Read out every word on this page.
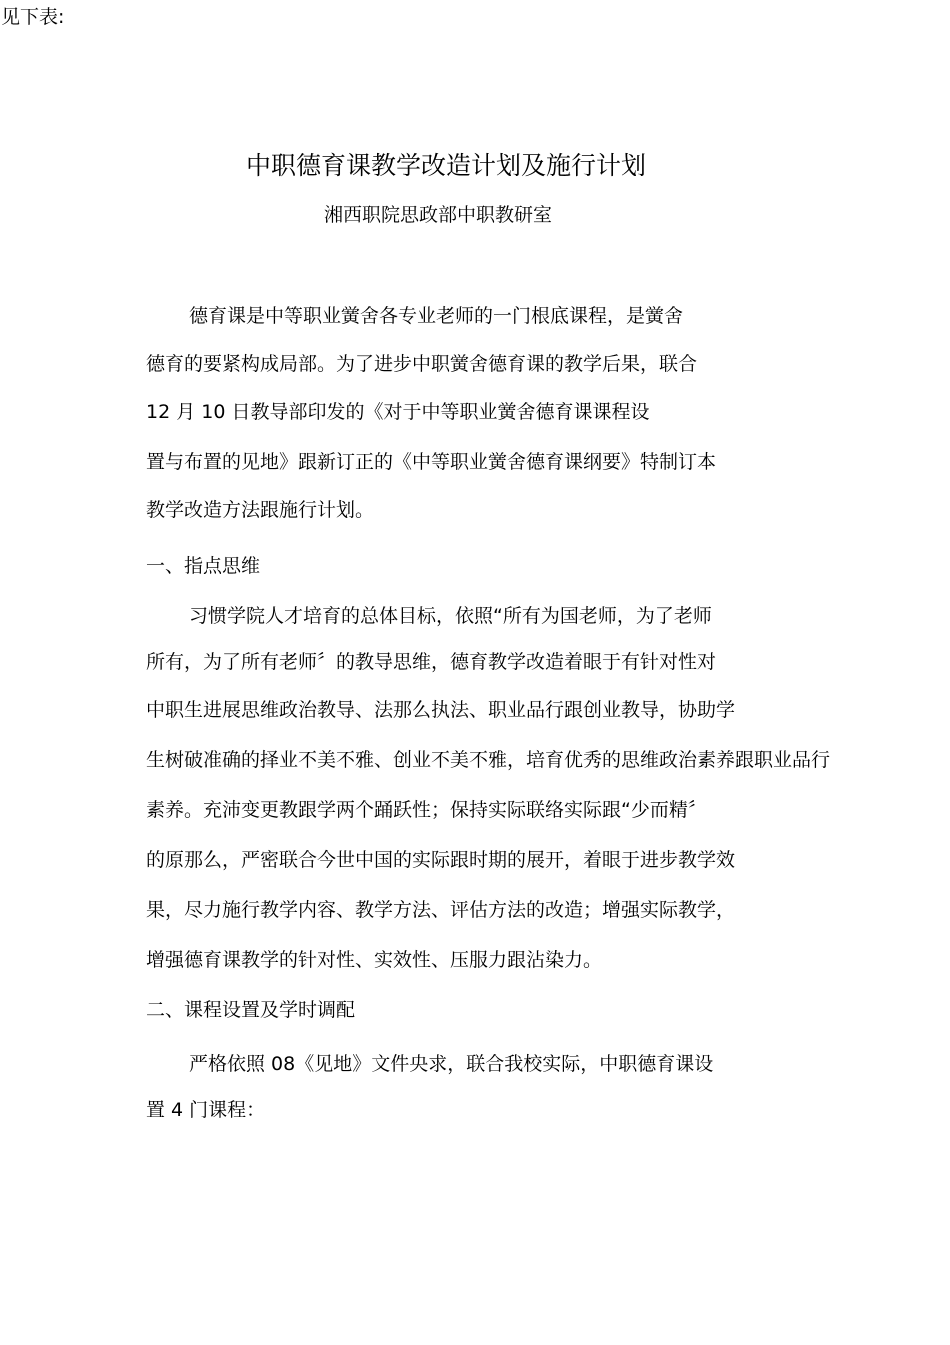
见下表:
中职德育课教学改造计划及施行计划
湘西职院思政部中职教研室
德育课是中等职业黉舍各专业老师的一门根底课程，是黉舍
德育的要紧构成局部。为了进步中职黉舍德育课的教学后果，联合
12 月 10 日教导部印发的《对于中等职业黉舍德育课课程设
置与布置的见地》跟新订正的《中等职业黉舍德育课纲要》特制订本
教学改造方法跟施行计划。
一、指点思维
习惯学院人才培育的总体目标，依照“所有为国老师，为了老师
所有，为了所有老师〞的教导思维，德育教学改造着眼于有针对性对
中职生进展思维政治教导、法那么执法、职业品行跟创业教导，协助学
生树破准确的择业不美不雅、创业不美不雅，培育优秀的思维政治素养跟职业品行
素养。充沛变更教跟学两个踊跃性；保持实际联络实际跟“少而精〞
的原那么，严密联合今世中国的实际跟时期的展开，着眼于进步教学效
果，尽力施行教学内容、教学方法、评估方法的改造；增强实际教学，
增强德育课教学的针对性、实效性、压服力跟沾染力。
二、课程设置及学时调配
严格依照 08《见地》文件央求，联合我校实际，中职德育课设
置 4 门课程：
